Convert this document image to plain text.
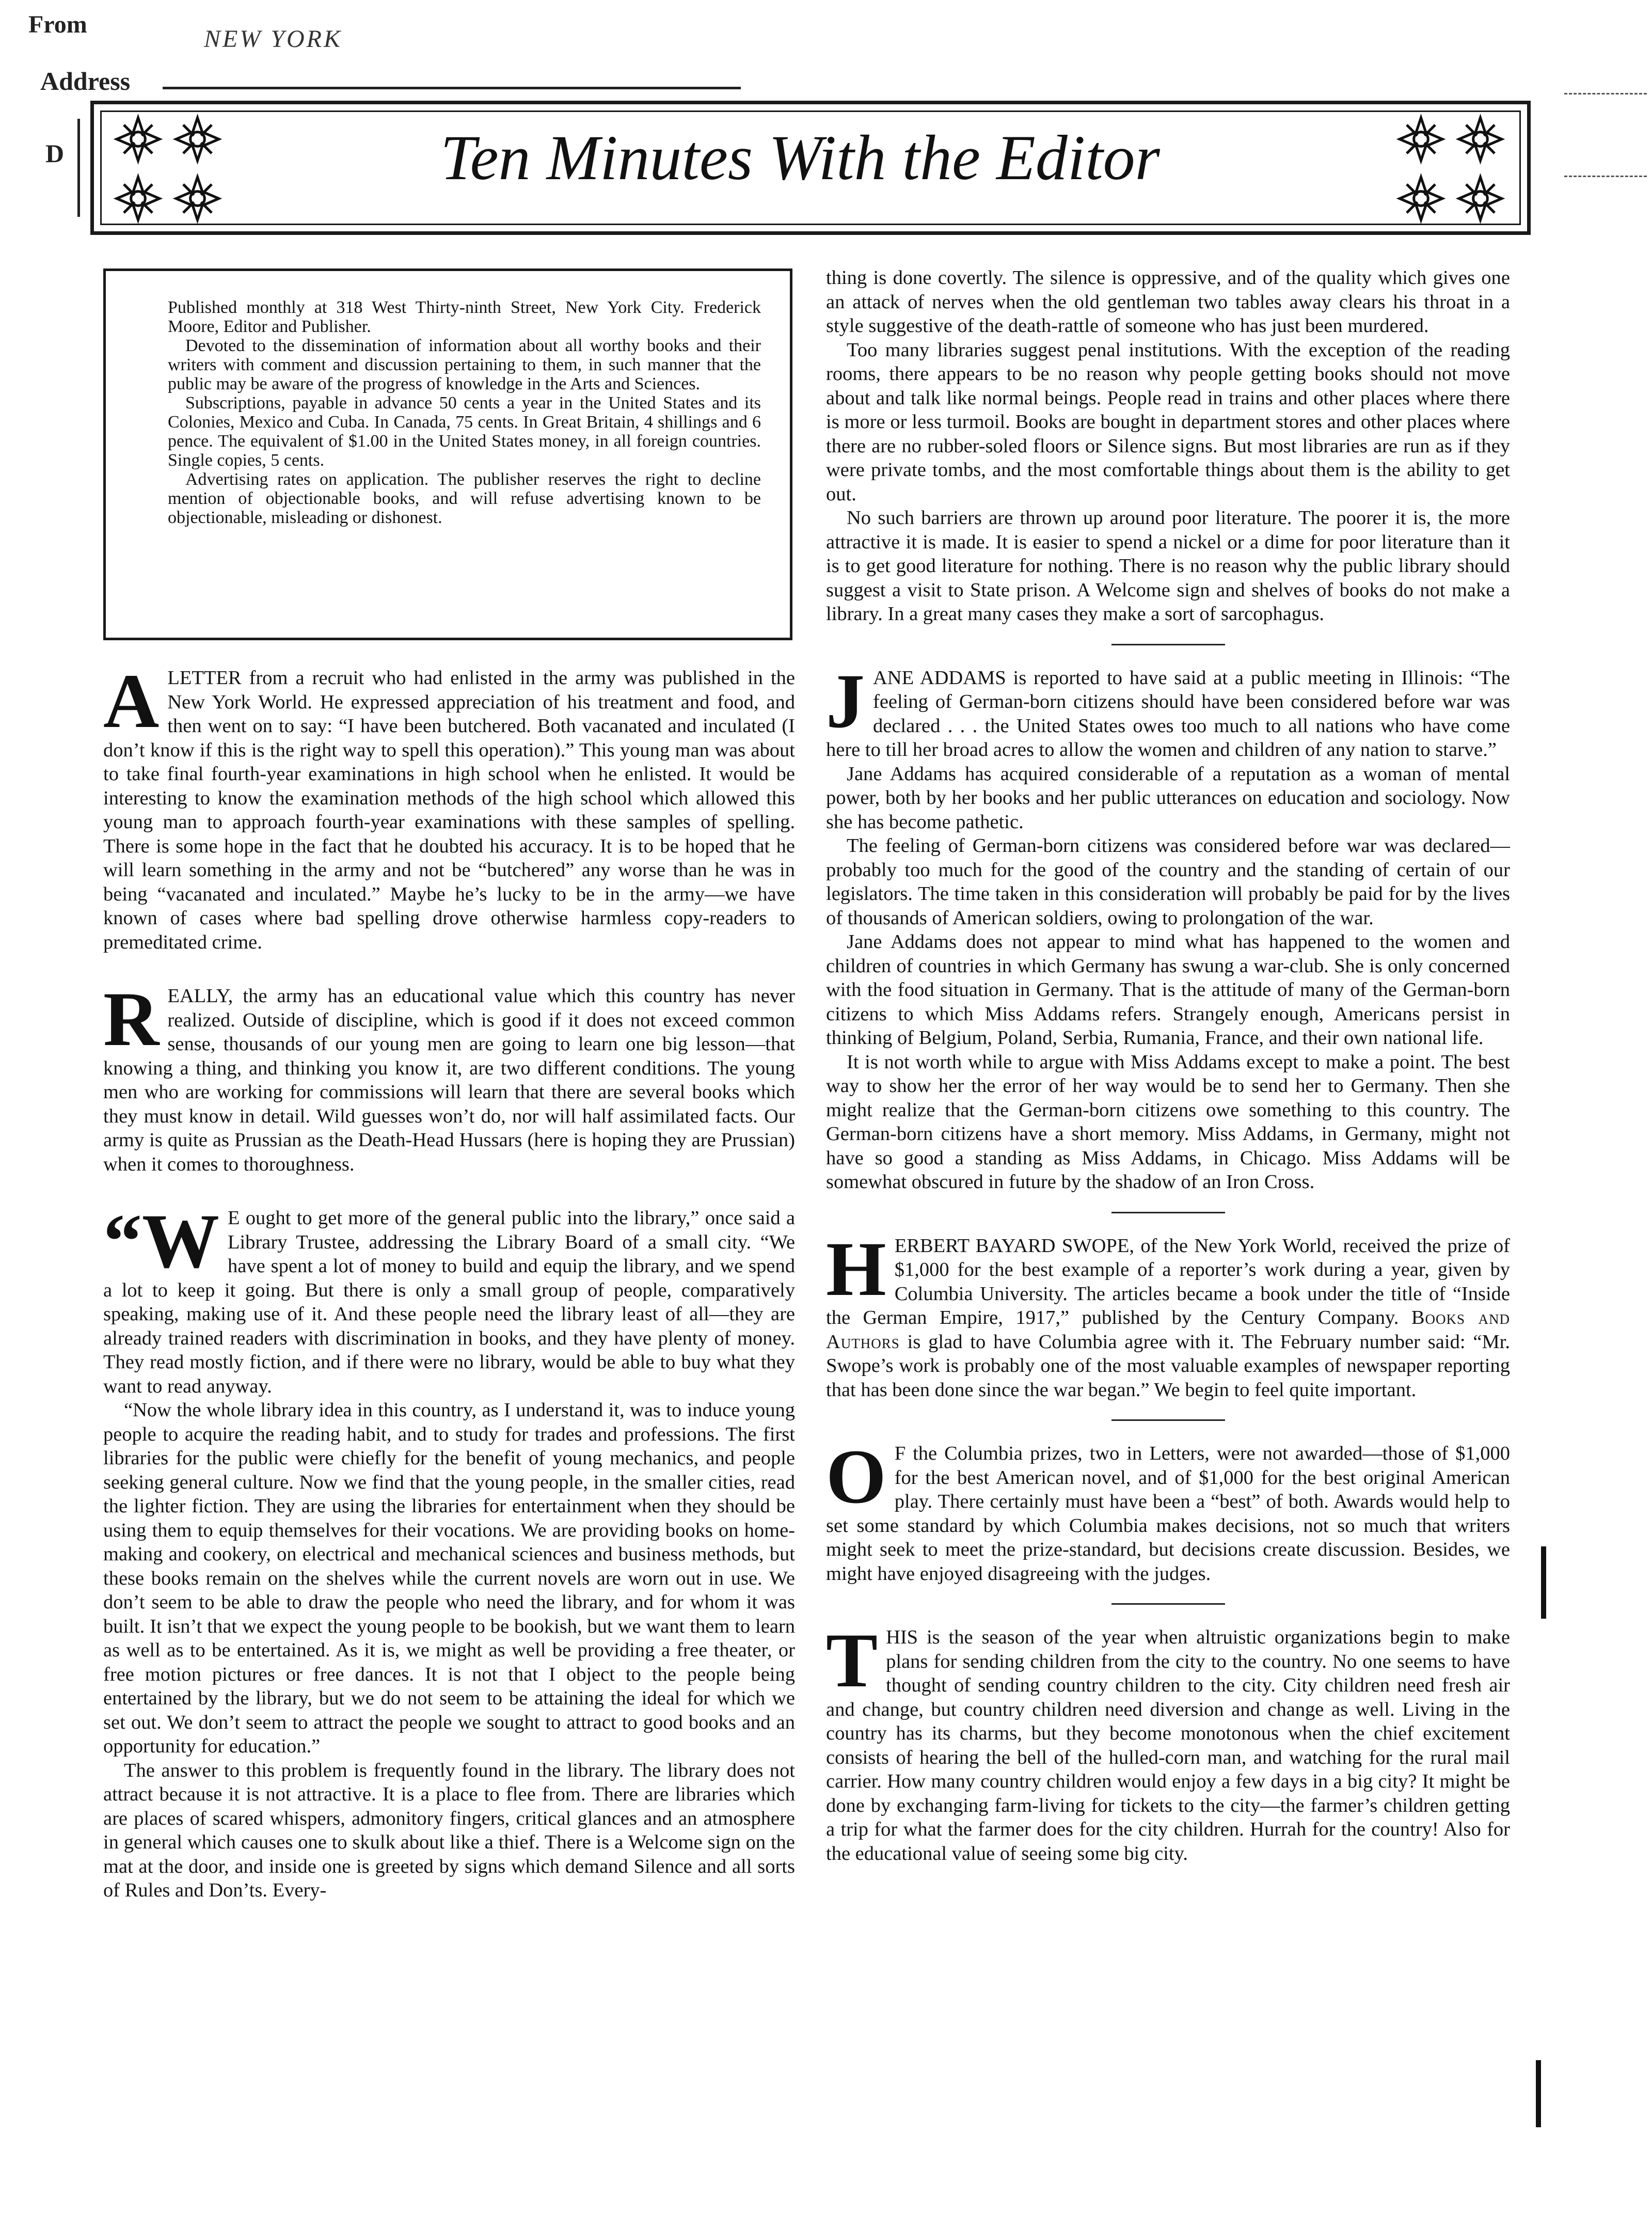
From
NEW YORK
Address
D	Ten Minutes With the Editor

Published monthly at 318 West Thirty-ninth Street, New York City. Frederick Moore, Editor and Publisher.

Devoted to the dissemination of information about all worthy books and their writers with comment and discussion pertaining to them, in such manner that the public may be aware of the progress of knowledge in the Arts and Sciences.

Subscriptions, payable in advance 50 cents a year in the United States and its Colonies, Mexico and Cuba. In Canada, 75 cents. In Great Britain, 4 shillings and 6 pence. The equivalent of $1.00 in the United States money, in all foreign countries. Single copies, 5 cents.

Advertising rates on application. The publisher reserves the right to decline mention of objectionable books, and will refuse advertising known to be objectionable, misleading or dishonest.

A LETTER from a recruit who had enlisted in the army was published in the New York World. He expressed appreciation of his treatment and food, and then went on to say: “I have been butchered. Both vacanated and inculated (I don’t know if this is the right way to spell this operation).” This young man was about to take final fourth-year examinations in high school when he enlisted. It would be interesting to know the examination methods of the high school which allowed this young man to approach fourth-year examinations with these samples of spelling. There is some hope in the fact that he doubted his accuracy. It is to be hoped that he will learn something in the army and not be “butchered” any worse than he was in being “vacanated and inculated.” Maybe he’s lucky to be in the army—we have known of cases where bad spelling drove otherwise harmless copy-readers to premeditated crime.

R EALLY, the army has an educational value which this country has never realized. Outside of discipline, which is good if it does not exceed common sense, thousands of our young men are going to learn one big lesson—that knowing a thing, and thinking you know it, are two different conditions. The young men who are working for commissions will learn that there are several books which they must know in detail. Wild guesses won’t do, nor will half assimilated facts. Our army is quite as Prussian as the Death-Head Hussars (here is hoping they are Prussian) when it comes to thoroughness.

“W E ought to get more of the general public into the library,” once said a Library Trustee, addressing the Library Board of a small city. “We have spent a lot of money to build and equip the library, and we spend a lot to keep it going. But there is only a small group of people, comparatively speaking, making use of it. And these people need the library least of all—they are already trained readers with discrimination in books, and they have plenty of money. They read mostly fiction, and if there were no library, would be able to buy what they want to read anyway.

“Now the whole library idea in this country, as I understand it, was to induce young people to acquire the reading habit, and to study for trades and professions. The first libraries for the public were chiefly for the benefit of young mechanics, and people seeking general culture. Now we find that the young people, in the smaller cities, read the lighter fiction. They are using the libraries for entertainment when they should be using them to equip themselves for their vocations. We are providing books on home-making and cookery, on electrical and mechanical sciences and business methods, but these books remain on the shelves while the current novels are worn out in use. We don’t seem to be able to draw the people who need the library, and for whom it was built. It isn’t that we expect the young people to be bookish, but we want them to learn as well as to be entertained. As it is, we might as well be providing a free theater, or free motion pictures or free dances. It is not that I object to the people being entertained by the library, but we do not seem to be attaining the ideal for which we set out. We don’t seem to attract the people we sought to attract to good books and an opportunity for education.”

The answer to this problem is frequently found in the library. The library does not attract because it is not attractive. It is a place to flee from. There are libraries which are places of scared whispers, admonitory fingers, critical glances and an atmosphere in general which causes one to skulk about like a thief. There is a Welcome sign on the mat at the door, and inside one is greeted by signs which demand Silence and all sorts of Rules and Don’ts. Every-

thing is done covertly. The silence is oppressive, and of the quality which gives one an attack of nerves when the old gentleman two tables away clears his throat in a style suggestive of the death-rattle of someone who has just been murdered.

Too many libraries suggest penal institutions. With the exception of the reading rooms, there appears to be no reason why people getting books should not move about and talk like normal beings. People read in trains and other places where there is more or less turmoil. Books are bought in department stores and other places where there are no rubber-soled floors or Silence signs. But most libraries are run as if they were private tombs, and the most comfortable things about them is the ability to get out.

No such barriers are thrown up around poor literature. The poorer it is, the more attractive it is made. It is easier to spend a nickel or a dime for poor literature than it is to get good literature for nothing. There is no reason why the public library should suggest a visit to State prison. A Welcome sign and shelves of books do not make a library. In a great many cases they make a sort of sarcophagus.

J ANE ADDAMS is reported to have said at a public meeting in Illinois: “The feeling of German-born citizens should have been considered before war was declared . . . the United States owes too much to all nations who have come here to till her broad acres to allow the women and children of any nation to starve.”

Jane Addams has acquired considerable of a reputation as a woman of mental power, both by her books and her public utterances on education and sociology. Now she has become pathetic.

The feeling of German-born citizens was considered before war was declared—probably too much for the good of the country and the standing of certain of our legislators. The time taken in this consideration will probably be paid for by the lives of thousands of American soldiers, owing to prolongation of the war.

Jane Addams does not appear to mind what has happened to the women and children of countries in which Germany has swung a war-club. She is only concerned with the food situation in Germany. That is the attitude of many of the German-born citizens to which Miss Addams refers. Strangely enough, Americans persist in thinking of Belgium, Poland, Serbia, Rumania, France, and their own national life.

It is not worth while to argue with Miss Addams except to make a point. The best way to show her the error of her way would be to send her to Germany. Then she might realize that the German-born citizens owe something to this country. The German-born citizens have a short memory. Miss Addams, in Germany, might not have so good a standing as Miss Addams, in Chicago. Miss Addams will be somewhat obscured in future by the shadow of an Iron Cross.

H ERBERT BAYARD SWOPE, of the New York World, received the prize of $1,000 for the best example of a reporter’s work during a year, given by Columbia University. The articles became a book under the title of “Inside the German Empire, 1917,” published by the Century Company. Books and Authors is glad to have Columbia agree with it. The February number said: “Mr. Swope’s work is probably one of the most valuable examples of newspaper reporting that has been done since the war began.” We begin to feel quite important.

O F the Columbia prizes, two in Letters, were not awarded—those of $1,000 for the best American novel, and of $1,000 for the best original American play. There certainly must have been a “best” of both. Awards would help to set some standard by which Columbia makes decisions, not so much that writers might seek to meet the prize-standard, but decisions create discussion. Besides, we might have enjoyed disagreeing with the judges.

T HIS is the season of the year when altruistic organizations begin to make plans for sending children from the city to the country. No one seems to have thought of sending country children to the city. City children need fresh air and change, but country children need diversion and change as well. Living in the country has its charms, but they become monotonous when the chief excitement consists of hearing the bell of the hulled-corn man, and watching for the rural mail carrier. How many country children would enjoy a few days in a big city? It might be done by exchanging farm-living for tickets to the city—the farmer’s children getting a trip for what the farmer does for the city children. Hurrah for the country! Also for the educational value of seeing some big city.
